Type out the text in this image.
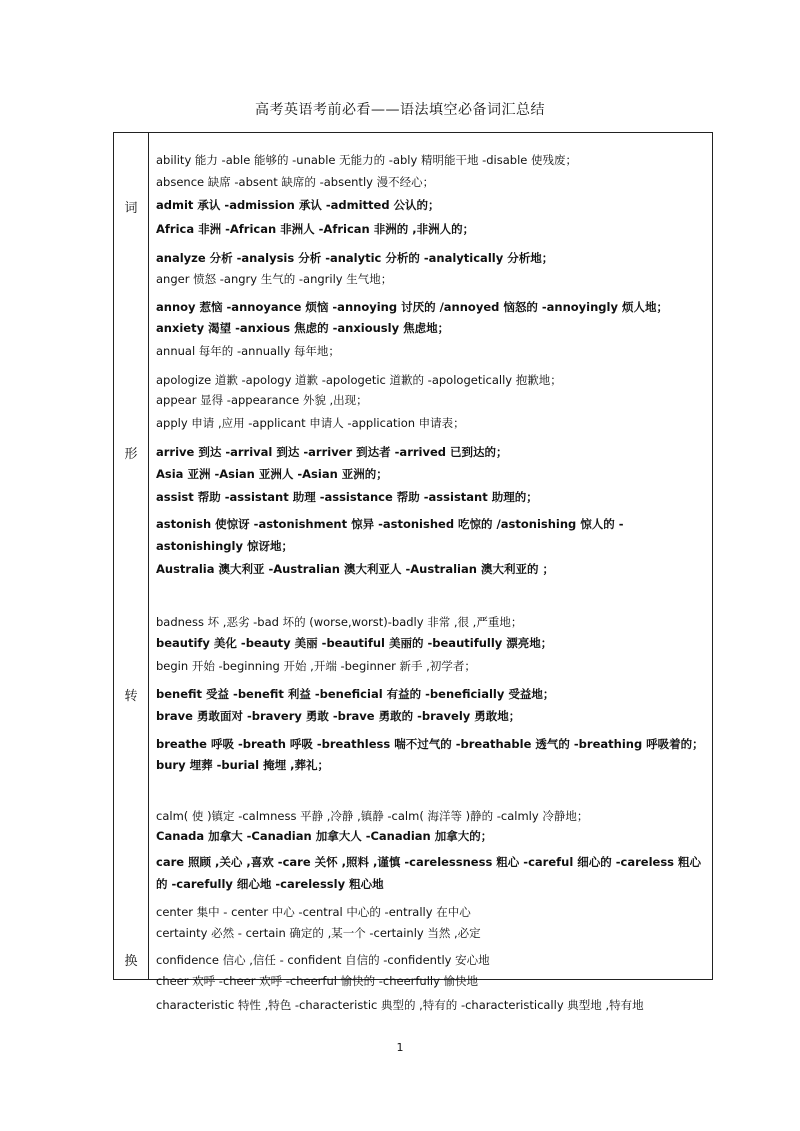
高考英语考前必看——语法填空必备词汇总结
词
形
转
换
ability 能力 -able 能够的 -unable 无能力的 -ably 精明能干地 -disable 使残废；
absence 缺席 -absent 缺席的 -absently 漫不经心；
admit 承认 -admission 承认 -admitted 公认的；
Africa 非洲 -African 非洲人 -African 非洲的 ,非洲人的；
analyze 分析 -analysis 分析 -analytic 分析的 -analytically 分析地；
anger 愤怒 -angry 生气的 -angrily 生气地；
annoy 惹恼 -annoyance 烦恼 -annoying 讨厌的 /annoyed 恼怒的 -annoyingly 烦人地；
anxiety 渴望 -anxious 焦虑的 -anxiously 焦虑地；
annual 每年的 -annually 每年地；
apologize 道歉 -apology 道歉 -apologetic 道歉的 -apologetically 抱歉地；
appear 显得 -appearance 外貌 ,出现；
apply 申请 ,应用 -applicant 申请人 -application 申请表；
arrive 到达 -arrival 到达 -arriver 到达者 -arrived 已到达的；
Asia 亚洲 -Asian 亚洲人 -Asian 亚洲的；
assist 帮助 -assistant 助理 -assistance 帮助 -assistant 助理的；
astonish 使惊讶 -astonishment 惊异 -astonished 吃惊的 /astonishing 惊人的 -astonishingly 惊讶地；
Australia 澳大利亚 -Australian 澳大利亚人 -Australian 澳大利亚的 ；
badness 坏 ,恶劣 -bad 坏的 (worse,worst)-badly 非常 ,很 ,严重地；
beautify 美化 -beauty 美丽 -beautiful 美丽的 -beautifully 漂亮地；
begin 开始 -beginning 开始 ,开端 -beginner 新手 ,初学者；
benefit 受益 -benefit 利益 -beneficial 有益的 -beneficially 受益地；
brave 勇敢面对 -bravery 勇敢 -brave 勇敢的 -bravely 勇敢地；
breathe 呼吸 -breath 呼吸 -breathless 喘不过气的 -breathable 透气的 -breathing 呼吸着的；
bury 埋葬 -burial 掩埋 ,葬礼；
calm( 使 )镇定 -calmness 平静 ,冷静 ,镇静 -calm( 海洋等 )静的 -calmly 冷静地；
Canada 加拿大 -Canadian 加拿大人 -Canadian 加拿大的；
care 照顾 ,关心 ,喜欢 -care 关怀 ,照料 ,谨慎 -carelessness 粗心 -careful 细心的 -careless 粗心的 -carefully 细心地 -carelessly 粗心地
center 集中 - center 中心 -central 中心的 -entrally 在中心
certainty 必然 - certain 确定的 ,某一个 -certainly 当然 ,必定
confidence 信心 ,信任 - confident 自信的 -confidently 安心地
cheer 欢呼 -cheer 欢呼 -cheerful 愉快的 -cheerfully 愉快地
characteristic 特性 ,特色 -characteristic 典型的 ,特有的 -characteristically 典型地 ,特有地
1
